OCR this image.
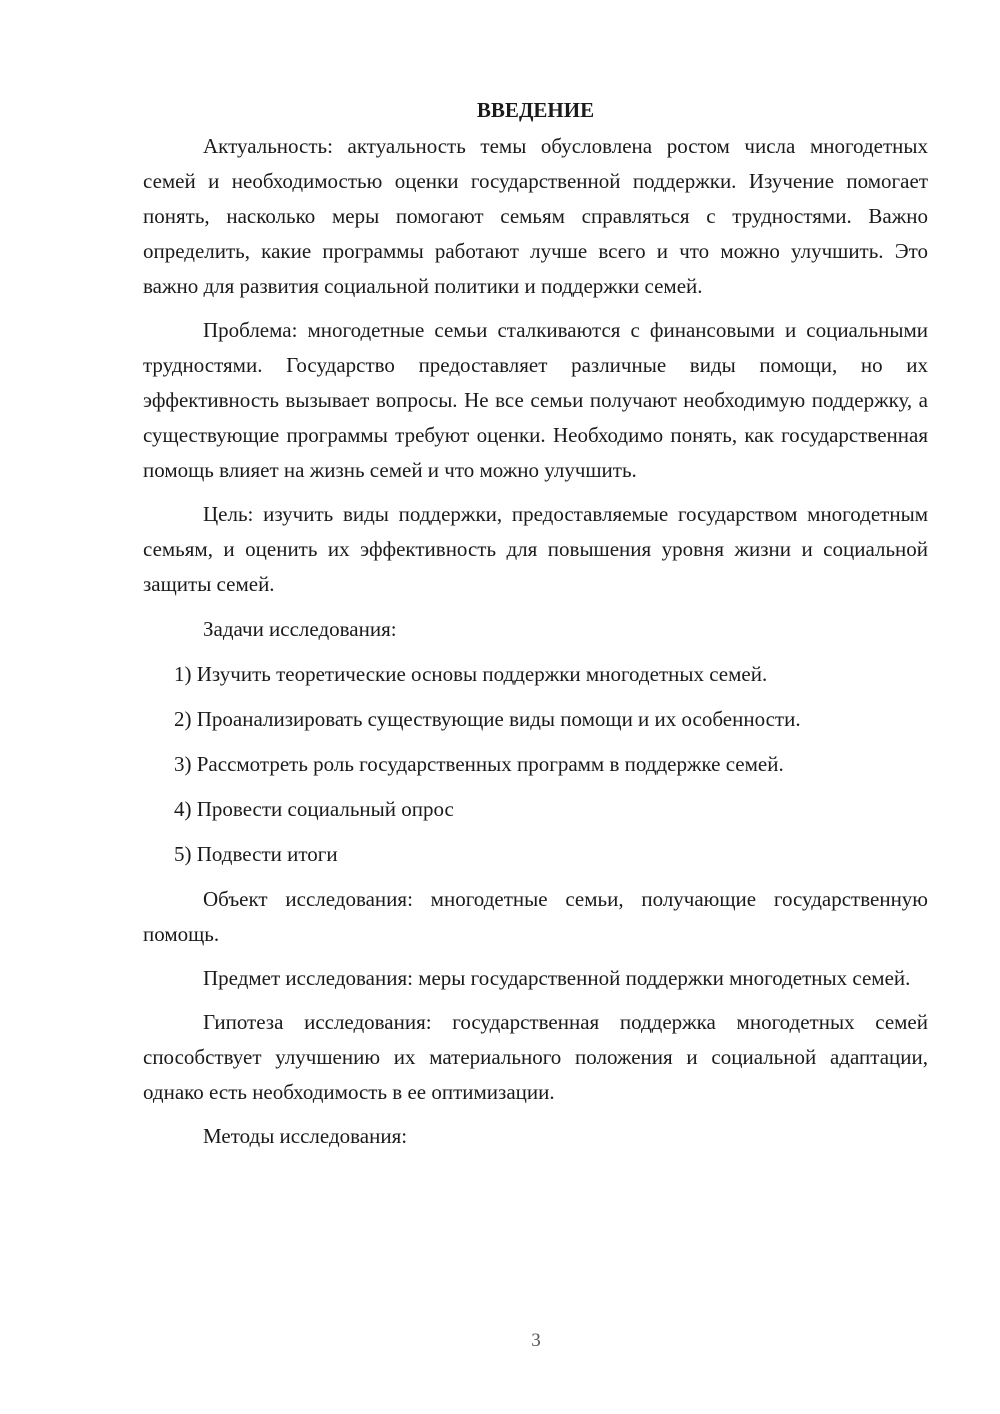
ВВЕДЕНИЕ

Актуальность: актуальность темы обусловлена ростом числа многодетных семей и необходимостью оценки государственной поддержки. Изучение помогает понять, насколько меры помогают семьям справляться с трудностями. Важно определить, какие программы работают лучше всего и что можно улучшить. Это важно для развития социальной политики и поддержки семей.

Проблема: многодетные семьи сталкиваются с финансовыми и социальными трудностями. Государство предоставляет различные виды помощи, но их эффективность вызывает вопросы. Не все семьи получают необходимую поддержку, а существующие программы требуют оценки. Необходимо понять, как государственная помощь влияет на жизнь семей и что можно улучшить.

Цель: изучить виды поддержки, предоставляемые государством многодетным семьям, и оценить их эффективность для повышения уровня жизни и социальной защиты семей.

Задачи исследования:

1) Изучить теоретические основы поддержки многодетных семей.
2) Проанализировать существующие виды помощи и их особенности.
3) Рассмотреть роль государственных программ в поддержке семей.
4) Провести социальный опрос
5) Подвести итоги

Объект исследования: многодетные семьи, получающие государственную помощь.

Предмет исследования: меры государственной поддержки многодетных семей.

Гипотеза исследования: государственная поддержка многодетных семей способствует улучшению их материального положения и социальной адаптации, однако есть необходимость в ее оптимизации.

Методы исследования:

3
